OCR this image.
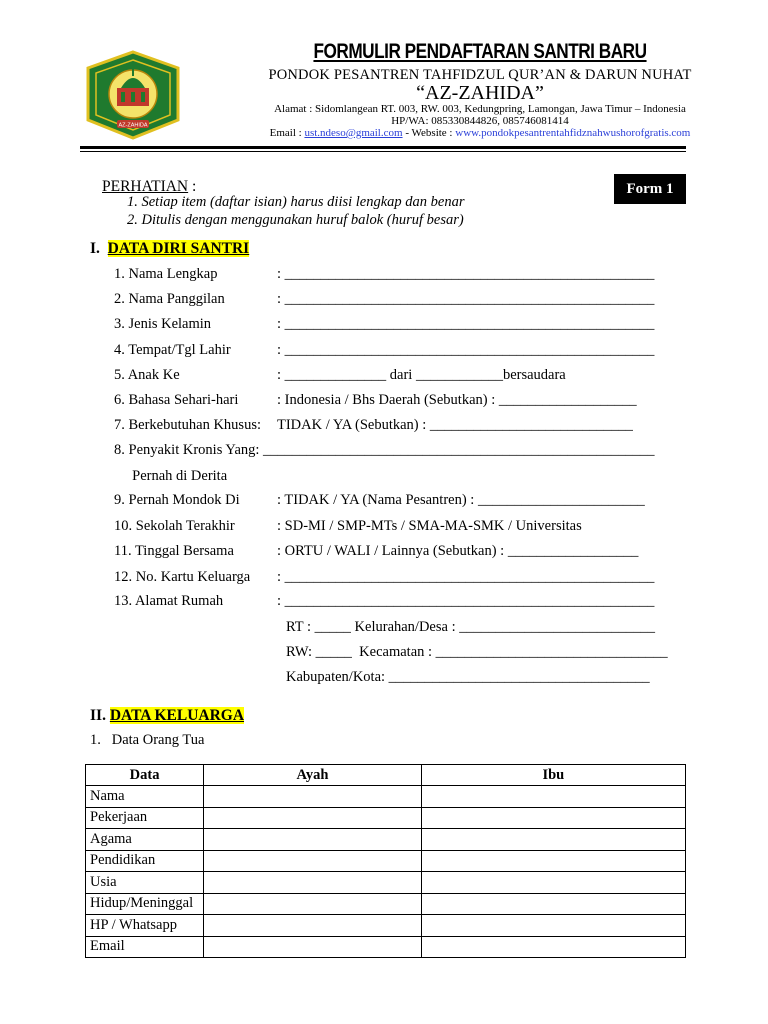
AZ-ZAHIDA
FORMULIR PENDAFTARAN SANTRI BARU
PONDOK PESANTREN TAHFIDZUL QUR’AN & DARUN NUHAT
“AZ-ZAHIDA”
Alamat : Sidomlangean RT. 003, RW. 003, Kedungpring, Lamongan, Jawa Timur – Indonesia
HP/WA: 085330844826, 085746081414
Email : ust.ndeso@gmail.com - Website : www.pondokpesantrentahfidznahwushorofgratis.com
Form 1
PERHATIAN :
1. Setiap item (daftar isian) harus diisi lengkap dan benar
2. Ditulis dengan menggunakan huruf balok (huruf besar)
I. DATA DIRI SANTRI
1. Nama Lengkap	: ___________________________________________________
2. Nama Panggilan	: ___________________________________________________
3. Jenis Kelamin	: ___________________________________________________
4. Tempat/Tgl Lahir	: ___________________________________________________
5. Anak Ke	: ______________ dari ____________bersaudara
6. Bahasa Sehari-hari	: Indonesia / Bhs Daerah (Sebutkan) : ___________________
7. Berkebutuhan Khusus: TIDAK / YA (Sebutkan) : ____________________________
8. Penyakit Kronis Yang: ______________________________________________________
Pernah di Derita
9. Pernah Mondok Di	: TIDAK / YA (Nama Pesantren) : _______________________
10. Sekolah Terakhir	: SD-MI / SMP-MTs / SMA-MA-SMK / Universitas
11. Tinggal Bersama	: ORTU / WALI / Lainnya (Sebutkan) : __________________
12. No. Kartu Keluarga : ___________________________________________________
13. Alamat Rumah	: ___________________________________________________
RT : _____ Kelurahan/Desa : ___________________________
RW: _____  Kecamatan : ________________________________
Kabupaten/Kota: ____________________________________
II. DATA KELUARGA
1.   Data Orang Tua
Data	Ayah	Ibu
Nama		
Pekerjaan		
Agama		
Pendidikan		
Usia		
Hidup/Meninggal		
HP / Whatsapp		
Email		
